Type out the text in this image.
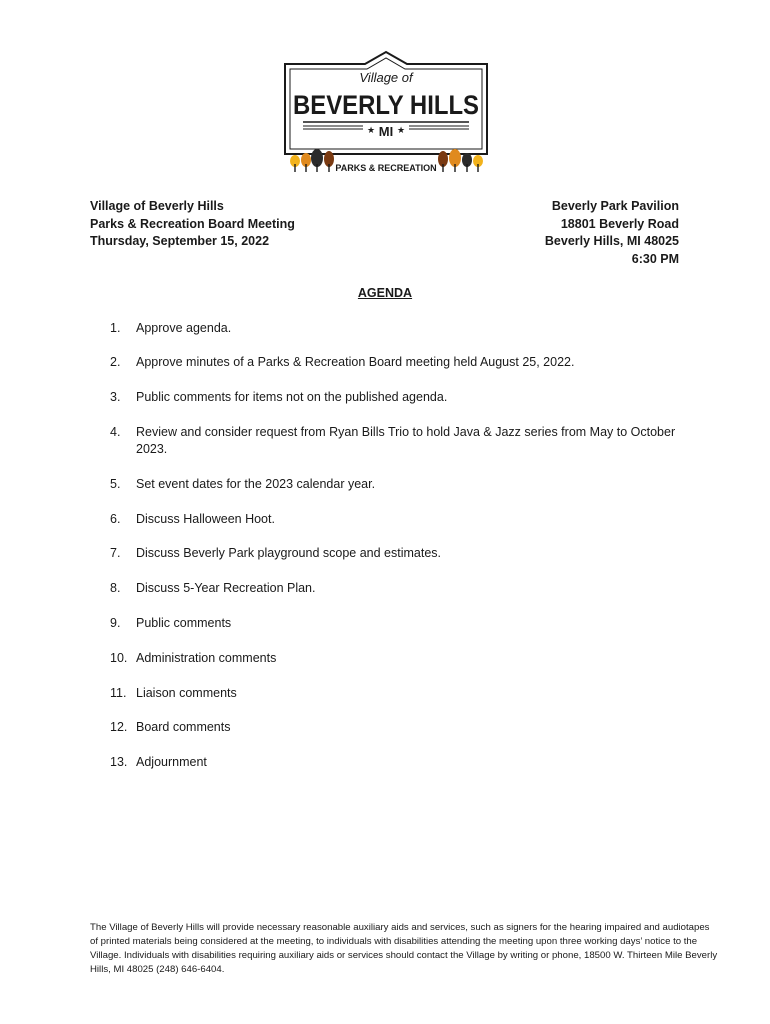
Village of
BEVERLY HILLS
★ ★
MI
PARKS & RECREATION
Village of Beverly Hills
Parks & Recreation Board Meeting
Thursday, September 15, 2022
Beverly Park Pavilion
18801 Beverly Road
Beverly Hills, MI 48025
6:30 PM
AGENDA
1.	Approve agenda.
2.	Approve minutes of a Parks & Recreation Board meeting held August 25, 2022.
3.	Public comments for items not on the published agenda.
4.	Review and consider request from Ryan Bills Trio to hold Java & Jazz series from May to October 2023.
5.	Set event dates for the 2023 calendar year.
6.	Discuss Halloween Hoot.
7.	Discuss Beverly Park playground scope and estimates.
8.	Discuss 5-Year Recreation Plan.
9.	Public comments
10. Administration comments
11. Liaison comments
12. Board comments
13. Adjournment
The Village of Beverly Hills will provide necessary reasonable auxiliary aids and services, such as signers for the hearing impaired and audiotapes of printed materials being considered at the meeting, to individuals with disabilities attending the meeting upon three working days’ notice to the Village. Individuals with disabilities requiring auxiliary aids or services should contact the Village by writing or phone, 18500 W. Thirteen Mile Beverly Hills, MI 48025 (248) 646-6404.
